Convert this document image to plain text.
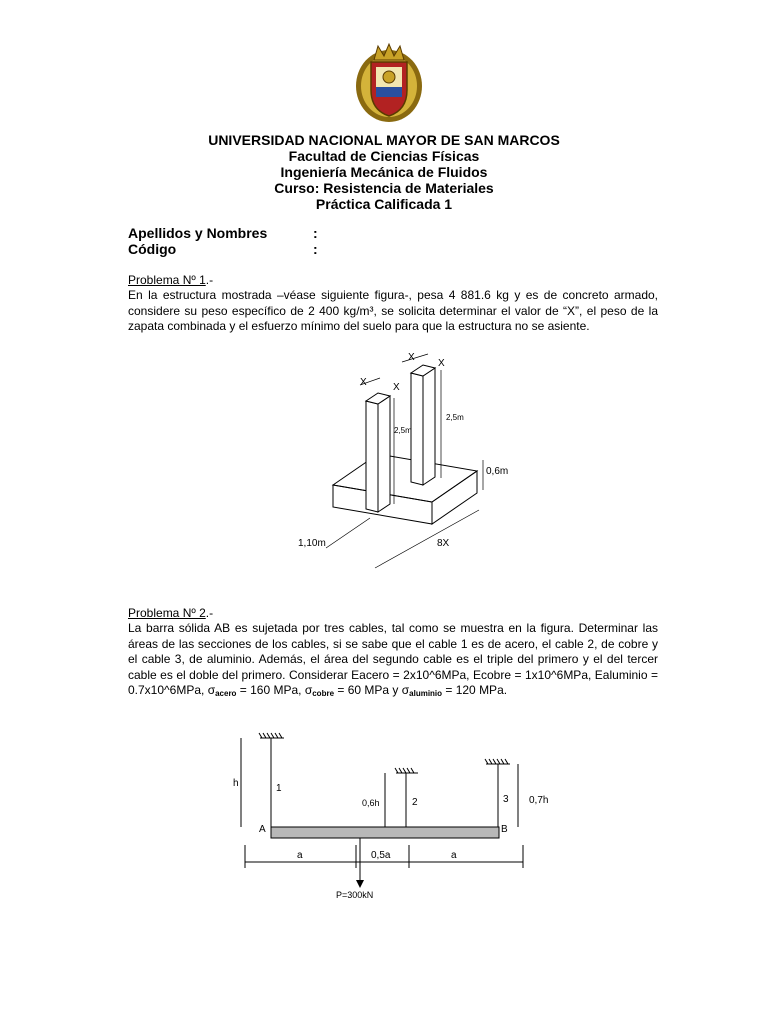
UNIVERSIDAD NACIONAL MAYOR DE SAN MARCOS
Facultad de Ciencias Físicas
Ingeniería Mecánica de Fluidos
Curso: Resistencia de Materiales
Práctica Calificada 1
Apellidos y Nombres	:
Código	:
Problema Nº 1.-
En la estructura mostrada –véase siguiente figura-, pesa 4 881.6 kg y es de concreto armado, considere su peso específico de 2 400 kg/m³, se solicita determinar el valor de “X”, el peso de la zapata combinada y el esfuerzo mínimo del suelo para que la estructura no se asiente.
X	X
X
X
2,5m
2,5m
0,6m
1,10m	8X
Problema Nº 2.-
La barra sólida AB es sujetada por tres cables, tal como se muestra en la figura. Determinar las áreas de las secciones de los cables, si se sabe que el cable 1 es de acero, el cable 2, de cobre y el cable 3, de aluminio. Además, el área del segundo cable es el triple del primero y el del tercer cable es el doble del primero. Considerar Eacero = 2x10^6MPa, Ecobre = 1x10^6MPa, Ealuminio = 0.7x10^6MPa, $\sigma_{acero} = 160$ MPa, $\sigma_{cobre} = 60$ MPa y $\sigma_{aluminio} = 120$ MPa.
h	1
2	3
0,6h	0,7h
A	B
a	0,5a	a
P=300kN
